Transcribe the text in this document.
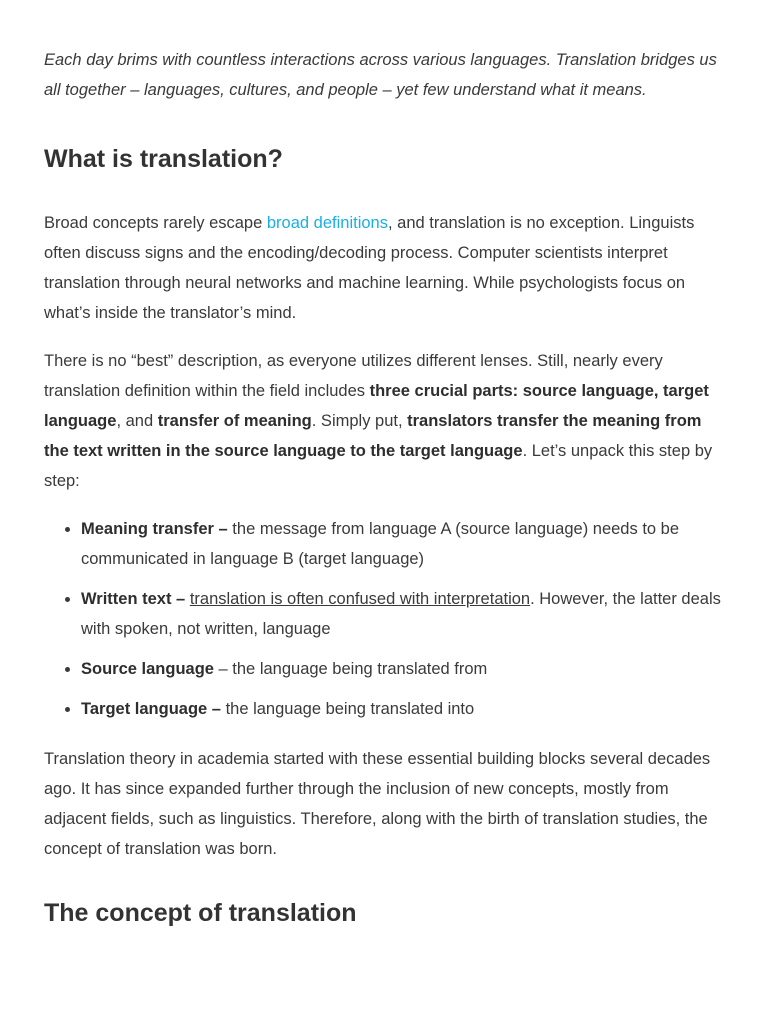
Each day brims with countless interactions across various languages. Translation bridges us all together – languages, cultures, and people – yet few understand what it means.

What is translation?

Broad concepts rarely escape broad definitions, and translation is no exception. Linguists often discuss signs and the encoding/decoding process. Computer scientists interpret translation through neural networks and machine learning. While psychologists focus on what’s inside the translator’s mind.

There is no “best” description, as everyone utilizes different lenses. Still, nearly every translation definition within the field includes three crucial parts: source language, target language, and transfer of meaning. Simply put, translators transfer the meaning from the text written in the source language to the target language. Let’s unpack this step by step:

• Meaning transfer – the message from language A (source language) needs to be communicated in language B (target language)
• Written text – translation is often confused with interpretation. However, the latter deals with spoken, not written, language
• Source language – the language being translated from
• Target language – the language being translated into

Translation theory in academia started with these essential building blocks several decades ago. It has since expanded further through the inclusion of new concepts, mostly from adjacent fields, such as linguistics. Therefore, along with the birth of translation studies, the concept of translation was born.

The concept of translation
